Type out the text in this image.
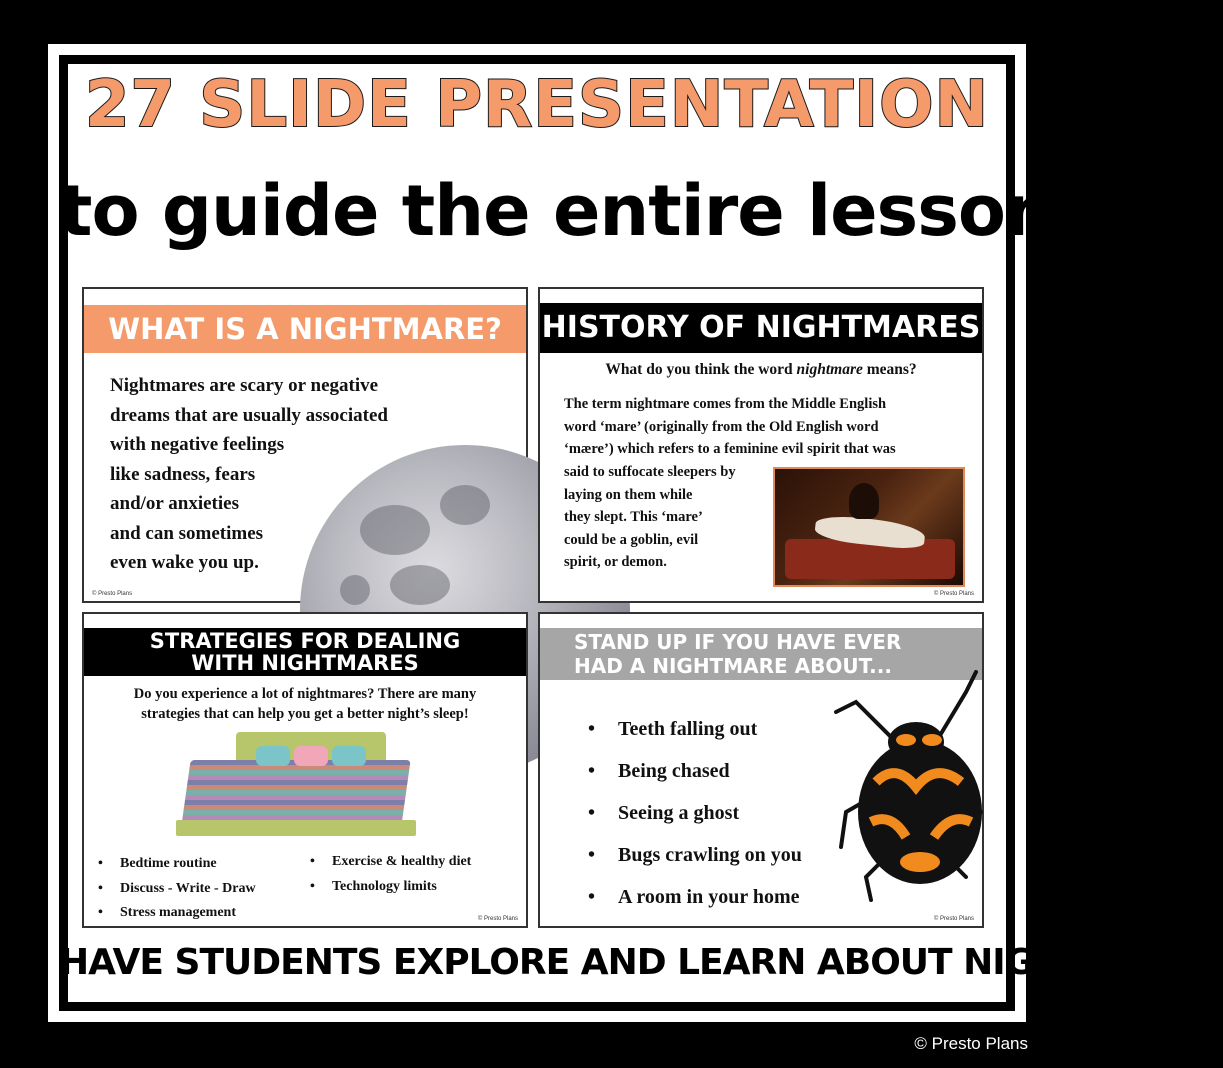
27 SLIDE PRESENTATION
to guide the entire lesson
WHAT IS A NIGHTMARE?
Nightmares are scary or negative
dreams that are usually associated
with negative feelings
like sadness, fears
and/or anxieties
and can sometimes
even wake you up.
© Presto Plans
HISTORY OF NIGHTMARES
What do you think the word nightmare means?
The term nightmare comes from the Middle English
word ‘mare’ (originally from the Old English word
‘mære’) which refers to a feminine evil spirit that was
said to suffocate sleepers by
laying on them while
they slept. This ‘mare’
could be a goblin, evil
spirit, or demon.
© Presto Plans
STRATEGIES FOR DEALING
WITH NIGHTMARES
Do you experience a lot of nightmares? There are many
strategies that can help you get a better night’s sleep!
• Bedtime routine
• Discuss - Write - Draw
• Stress management
• Exercise & healthy diet
• Technology limits
© Presto Plans
STAND UP IF YOU HAVE EVER
HAD A NIGHTMARE ABOUT...
• Teeth falling out
• Being chased
• Seeing a ghost
• Bugs crawling on you
• A room in your home
© Presto Plans
HAVE STUDENTS EXPLORE AND LEARN ABOUT NIGHTMARES
© Presto Plans
